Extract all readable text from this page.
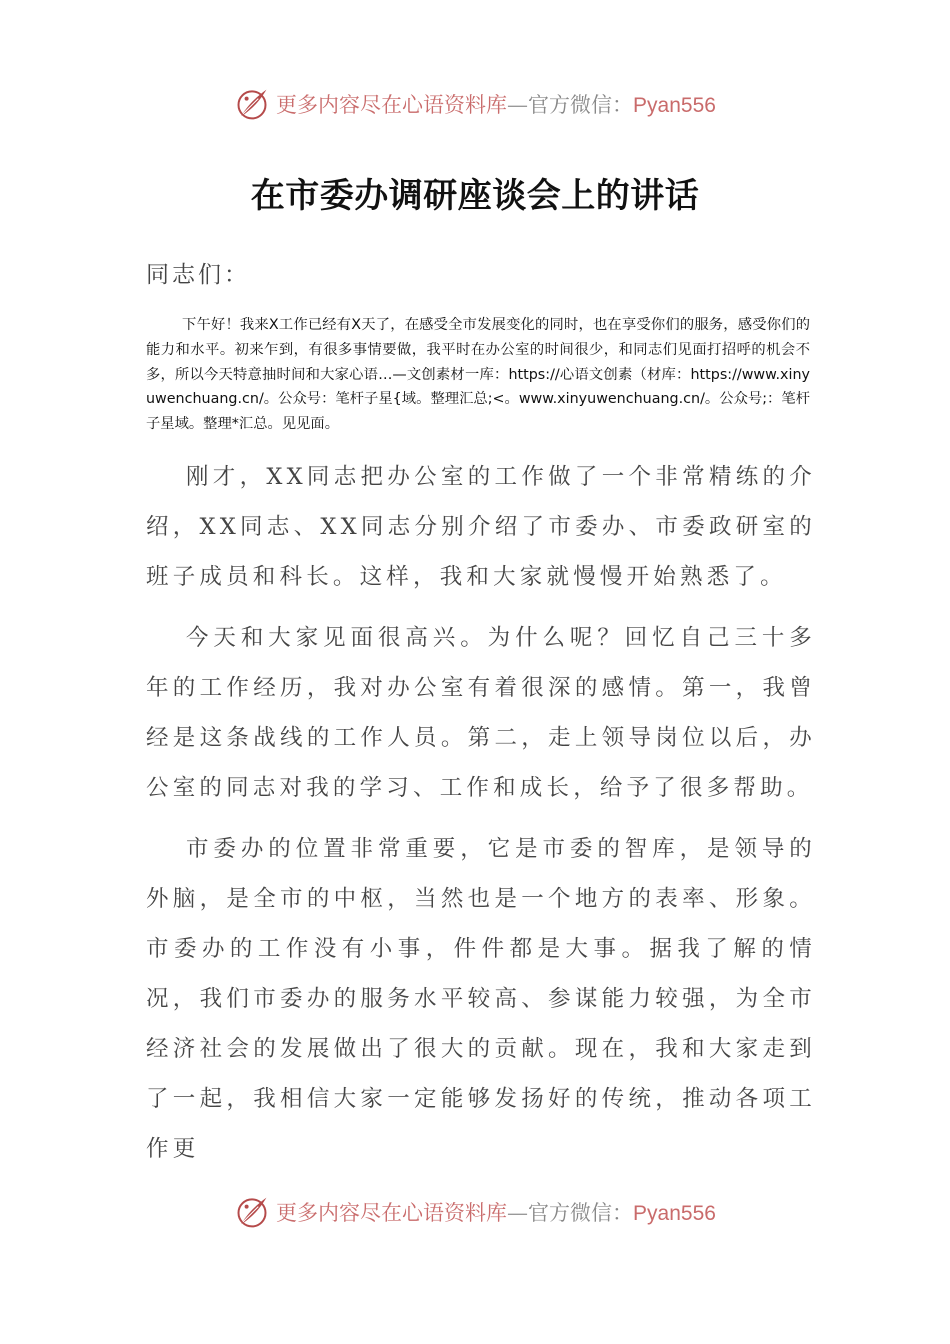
更多内容尽在心语资料库—官方微信：Pyan556
在市委办调研座谈会上的讲话
同志们：
下午好！我来X工作已经有X天了，在感受全市发展变化的同时，也在享受你们的服务，感受你们的能力和水平。初来乍到，有很多事情要做，我平时在办公室的时间很少，和同志们见面打招呼的机会不多，所以今天特意抽时间和大家心语…—文创素材一库：https://心语文创素（材库：https://www.xinyuwenchuang.cn/。公众号：笔杆子星{域。整理汇总;<。www.xinyuwenchuang.cn/。公众号;：笔杆子星域。整理*汇总。见见面。
刚才，XX同志把办公室的工作做了一个非常精练的介绍，XX同志、XX同志分别介绍了市委办、市委政研室的班子成员和科长。这样，我和大家就慢慢开始熟悉了。
今天和大家见面很高兴。为什么呢？回忆自己三十多年的工作经历，我对办公室有着很深的感情。第一，我曾经是这条战线的工作人员。第二，走上领导岗位以后，办公室的同志对我的学习、工作和成长，给予了很多帮助。
市委办的位置非常重要，它是市委的智库，是领导的外脑，是全市的中枢，当然也是一个地方的表率、形象。市委办的工作没有小事，件件都是大事。据我了解的情况，我们市委办的服务水平较高、参谋能力较强，为全市经济社会的发展做出了很大的贡献。现在，我和大家走到了一起，我相信大家一定能够发扬好的传统，推动各项工作更
更多内容尽在心语资料库—官方微信：Pyan556
